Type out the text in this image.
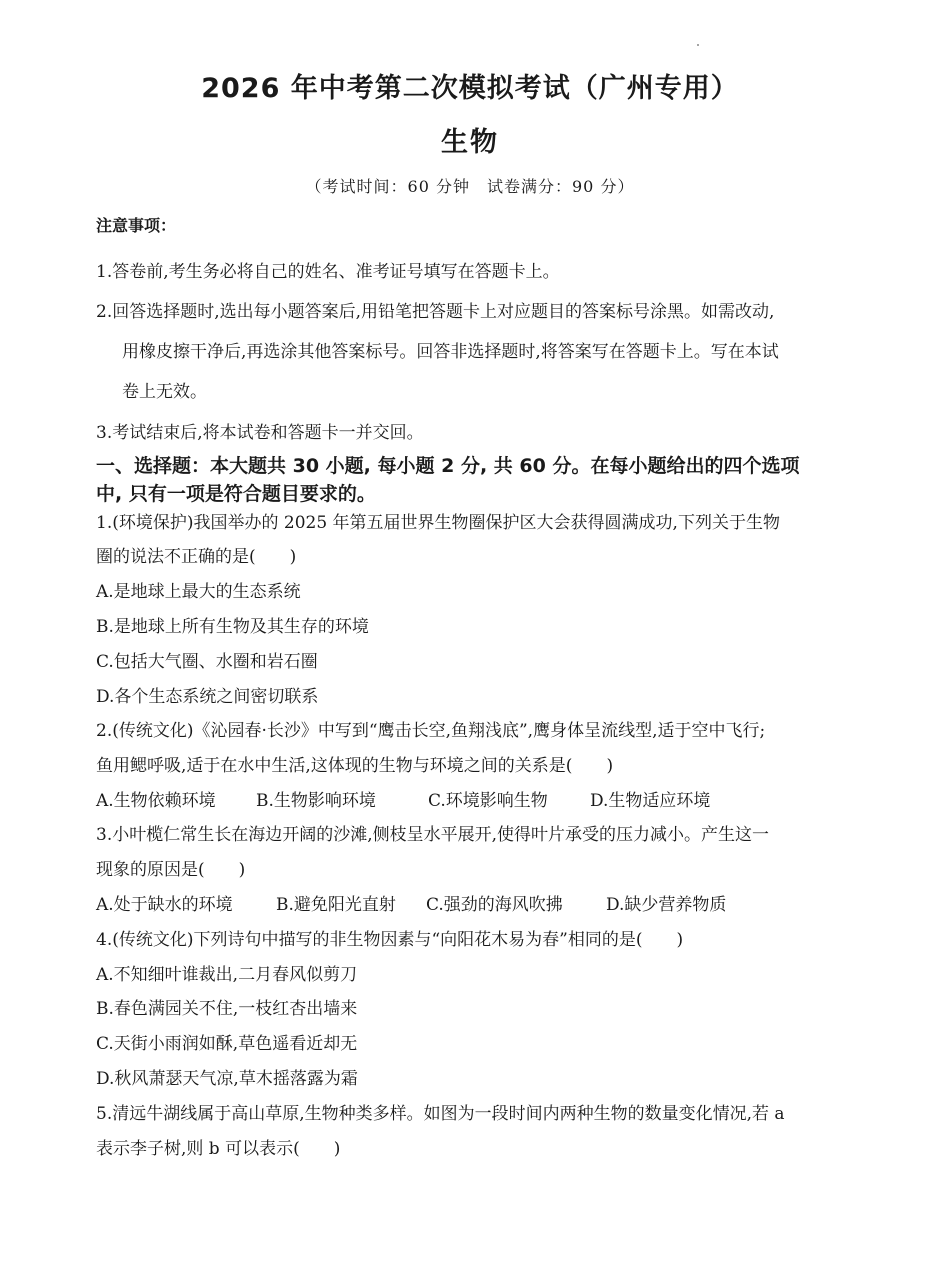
2026 年中考第二次模拟考试（广州专用）
生物
（考试时间：60 分钟　试卷满分：90 分）
注意事项：
1.答卷前,考生务必将自己的姓名、准考证号填写在答题卡上。
2.回答选择题时,选出每小题答案后,用铅笔把答题卡上对应题目的答案标号涂黑。如需改动,
用橡皮擦干净后,再选涂其他答案标号。回答非选择题时,将答案写在答题卡上。写在本试
卷上无效。
3.考试结束后,将本试卷和答题卡一并交回。
一、选择题：本大题共 30 小题, 每小题 2 分, 共 60 分。在每小题给出的四个选项
中, 只有一项是符合题目要求的。
1.(环境保护)我国举办的 2025 年第五届世界生物圈保护区大会获得圆满成功,下列关于生物
圈的说法不正确的是(　　)
A.是地球上最大的生态系统
B.是地球上所有生物及其生存的环境
C.包括大气圈、水圈和岩石圈
D.各个生态系统之间密切联系
2.(传统文化)《沁园春·长沙》中写到“鹰击长空,鱼翔浅底”,鹰身体呈流线型,适于空中飞行;
鱼用鳃呼吸,适于在水中生活,这体现的生物与环境之间的关系是(　　)
A.生物依赖环境 B.生物影响环境	C.环境影响生物 D.生物适应环境
3.小叶榄仁常生长在海边开阔的沙滩,侧枝呈水平展开,使得叶片承受的压力减小。产生这一
现象的原因是(　　)
A.处于缺水的环境	B.避免阳光直射 C.强劲的海风吹拂	D.缺少营养物质
4.(传统文化)下列诗句中描写的非生物因素与“向阳花木易为春”相同的是(　　)
A.不知细叶谁裁出,二月春风似剪刀
B.春色满园关不住,一枝红杏出墙来
C.天街小雨润如酥,草色遥看近却无
D.秋风萧瑟天气凉,草木摇落露为霜
5.清远牛湖线属于高山草原,生物种类多样。如图为一段时间内两种生物的数量变化情况,若 a
表示李子树,则 b 可以表示(　　)
